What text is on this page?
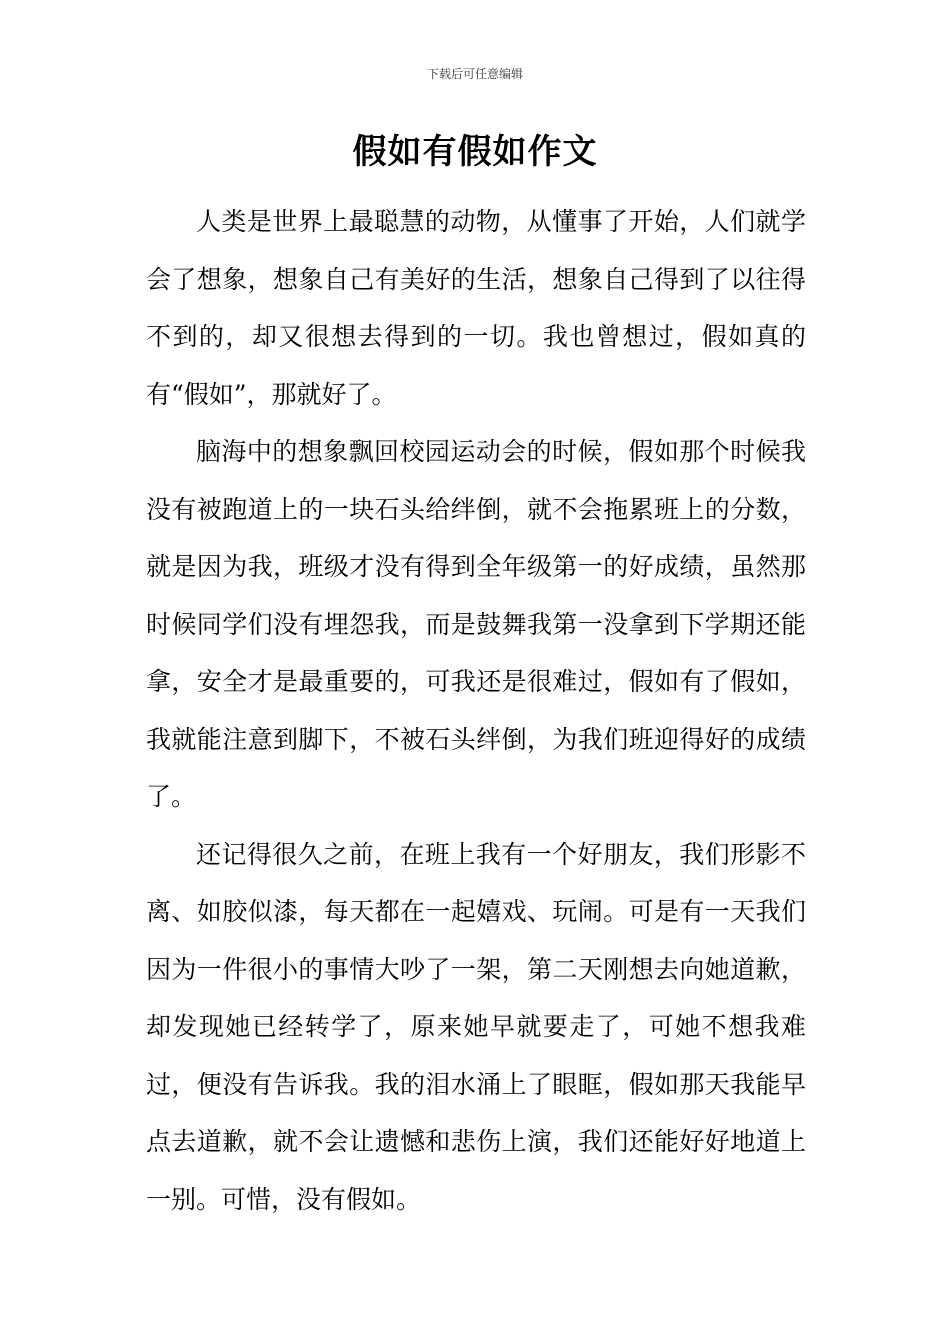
下载后可任意编辑
假如有假如作文

人类是世界上最聪慧的动物，从懂事了开始，人们就学会了想象，想象自己有美好的生活，想象自己得到了以往得不到的，却又很想去得到的一切。我也曾想过，假如真的有“假如”，那就好了。

脑海中的想象飘回校园运动会的时候，假如那个时候我没有被跑道上的一块石头给绊倒，就不会拖累班上的分数，就是因为我，班级才没有得到全年级第一的好成绩，虽然那时候同学们没有埋怨我，而是鼓舞我第一没拿到下学期还能拿，安全才是最重要的，可我还是很难过，假如有了假如，我就能注意到脚下，不被石头绊倒，为我们班迎得好的成绩了。

还记得很久之前，在班上我有一个好朋友，我们形影不离、如胶似漆，每天都在一起嬉戏、玩闹。可是有一天我们因为一件很小的事情大吵了一架，第二天刚想去向她道歉，却发现她已经转学了，原来她早就要走了，可她不想我难过，便没有告诉我。我的泪水涌上了眼眶，假如那天我能早点去道歉，就不会让遗憾和悲伤上演，我们还能好好地道上一别。可惜，没有假如。
